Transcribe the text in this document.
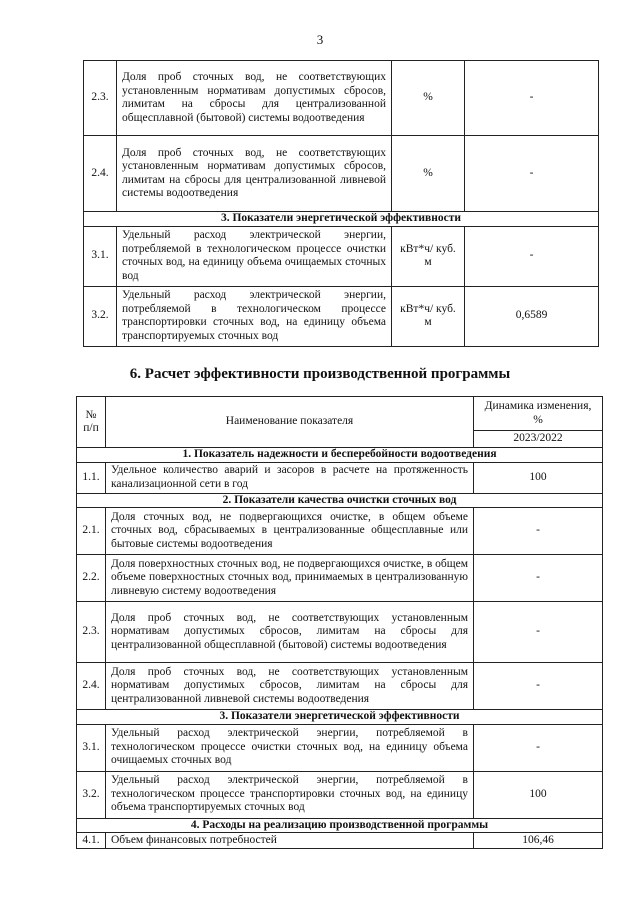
3
2.3.	Доля проб сточных вод, не соответствующих установленным нормативам допустимых сбросов, лимитам на сбросы для централизованной общесплавной (бытовой) системы водоотведения	%	-
2.4.	Доля проб сточных вод, не соответствующих установленным нормативам допустимых сбросов, лимитам на сбросы для централизованной ливневой системы водоотведения	%	-
3. Показатели энергетической эффективности			
3.1.	Удельный расход электрической энергии, потребляемой в технологическом процессе очистки сточных вод, на единицу объема очищаемых сточных вод	кВт*ч/ куб. м	-
3.2.	Удельный расход электрической энергии, потребляемой в технологическом процессе транспортировки сточных вод, на единицу объема транспортируемых сточных вод	кВт*ч/ куб. м	0,6589
6. Расчет эффективности производственной программы
№ п/п	Наименование показателя	Динамика изменения, %
		2023/2022
1. Показатель надежности и бесперебойности водоотведения		
1.1.	Удельное количество аварий и засоров в расчете на протяженность канализационной сети в год	100
2. Показатели качества очистки сточных вод		
2.1.	Доля сточных вод, не подвергающихся очистке, в общем объеме сточных вод, сбрасываемых в централизованные общесплавные или бытовые системы водоотведения	-
2.2.	Доля поверхностных сточных вод, не подвергающихся очистке, в общем объеме поверхностных сточных вод, принимаемых в централизованную ливневую систему водоотведения	-
2.3.	Доля проб сточных вод, не соответствующих установленным нормативам допустимых сбросов, лимитам на сбросы для централизованной общесплавной (бытовой) системы водоотведения	-
2.4.	Доля проб сточных вод, не соответствующих установленным нормативам допустимых сбросов, лимитам на сбросы для централизованной ливневой системы водоотведения	-
3. Показатели энергетической эффективности		
3.1.	Удельный расход электрической энергии, потребляемой в технологическом процессе очистки сточных вод, на единицу объема очищаемых сточных вод	-
3.2.	Удельный расход электрической энергии, потребляемой в технологическом процессе транспортировки сточных вод, на единицу объема транспортируемых сточных вод	100
4. Расходы на реализацию производственной программы		
4.1.	Объем финансовых потребностей	106,46
